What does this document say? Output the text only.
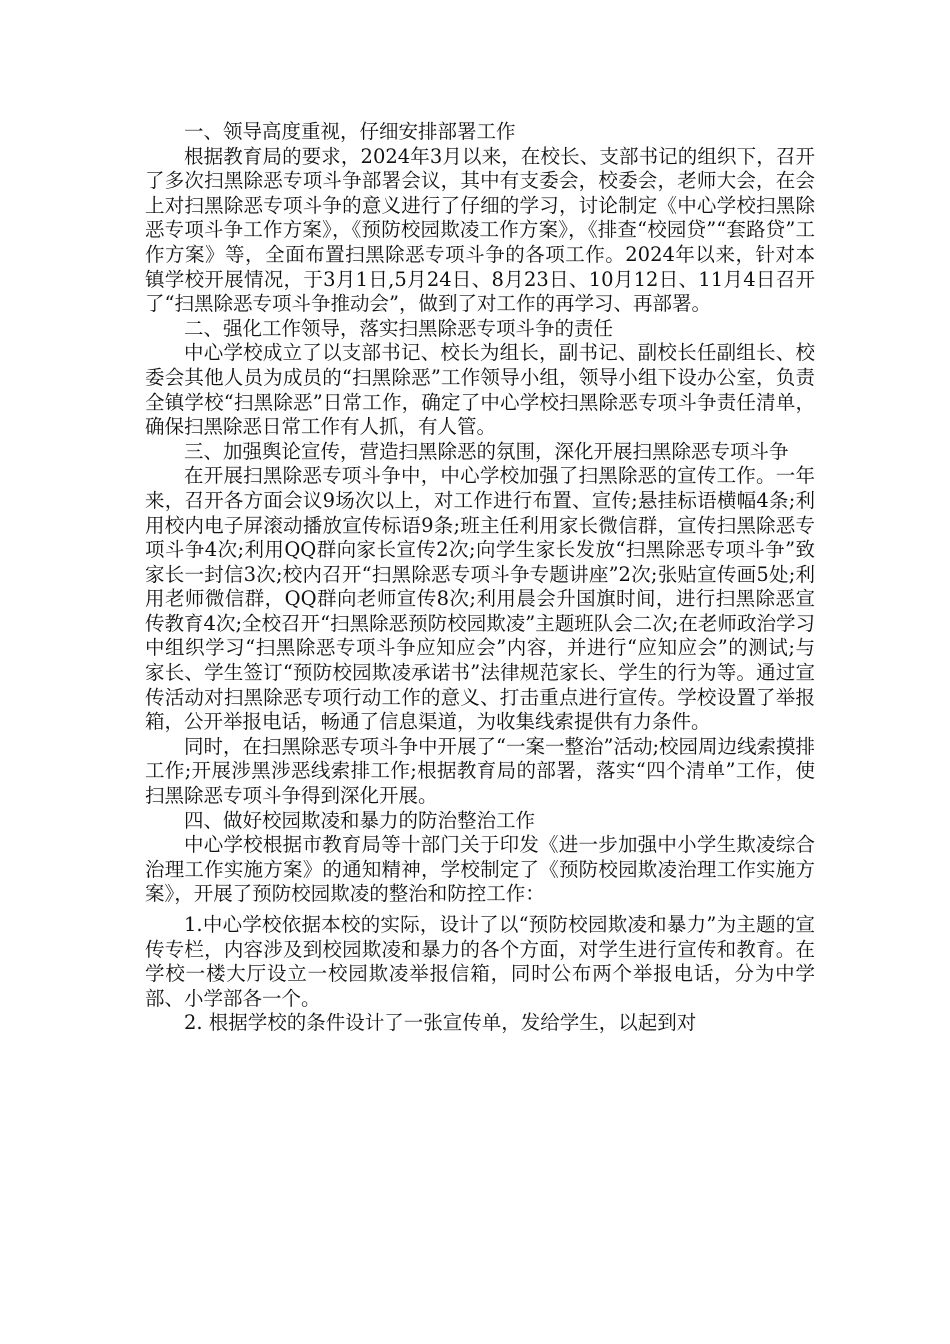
一、领导高度重视，仔细安排部署工作

根据教育局的要求，2024年3月以来，在校长、支部书记的组织下，召开了多次扫黑除恶专项斗争部署会议，其中有支委会，校委会，老师大会，在会上对扫黑除恶专项斗争的意义进行了仔细的学习，讨论制定《中心学校扫黑除恶专项斗争工作方案》，《预防校园欺凌工作方案》，《排查“校园贷”“套路贷”工作方案》等，全面布置扫黑除恶专项斗争的各项工作。2024年以来，针对本镇学校开展情况，于3月1日,5月24日、8月23日、10月12日、11月4日召开了“扫黑除恶专项斗争推动会”，做到了对工作的再学习、再部署。

二、强化工作领导，落实扫黑除恶专项斗争的责任

中心学校成立了以支部书记、校长为组长，副书记、副校长任副组长、校委会其他人员为成员的“扫黑除恶”工作领导小组，领导小组下设办公室，负责全镇学校“扫黑除恶”日常工作，确定了中心学校扫黑除恶专项斗争责任清单，确保扫黑除恶日常工作有人抓，有人管。

三、加强舆论宣传，营造扫黑除恶的氛围，深化开展扫黑除恶专项斗争

在开展扫黑除恶专项斗争中，中心学校加强了扫黑除恶的宣传工作。一年来，召开各方面会议9场次以上，对工作进行布置、宣传;悬挂标语横幅4条;利用校内电子屏滚动播放宣传标语9条;班主任利用家长微信群，宣传扫黑除恶专项斗争4次;利用QQ群向家长宣传2次;向学生家长发放“扫黑除恶专项斗争”致家长一封信3次;校内召开“扫黑除恶专项斗争专题讲座”2次;张贴宣传画5处;利用老师微信群，QQ群向老师宣传8次;利用晨会升国旗时间，进行扫黑除恶宣传教育4次;全校召开“扫黑除恶预防校园欺凌”主题班队会二次;在老师政治学习中组织学习“扫黑除恶专项斗争应知应会”内容，并进行“应知应会”的测试;与家长、学生签订“预防校园欺凌承诺书”法律规范家长、学生的行为等。通过宣传活动对扫黑除恶专项行动工作的意义、打击重点进行宣传。学校设置了举报箱，公开举报电话，畅通了信息渠道，为收集线索提供有力条件。

同时，在扫黑除恶专项斗争中开展了“一案一整治”活动;校园周边线索摸排工作;开展涉黑涉恶线索排工作;根据教育局的部署，落实“四个清单”工作，使扫黑除恶专项斗争得到深化开展。

四、做好校园欺凌和暴力的防治整治工作

中心学校根据市教育局等十部门关于印发《进一步加强中小学生欺凌综合治理工作实施方案》的通知精神，学校制定了《预防校园欺凌治理工作实施方案》，开展了预防校园欺凌的整治和防控工作：

1.中心学校依据本校的实际，设计了以“预防校园欺凌和暴力”为主题的宣传专栏，内容涉及到校园欺凌和暴力的各个方面，对学生进行宣传和教育。在学校一楼大厅设立一校园欺凌举报信箱，同时公布两个举报电话，分为中学部、小学部各一个。

2. 根据学校的条件设计了一张宣传单，发给学生，以起到对
